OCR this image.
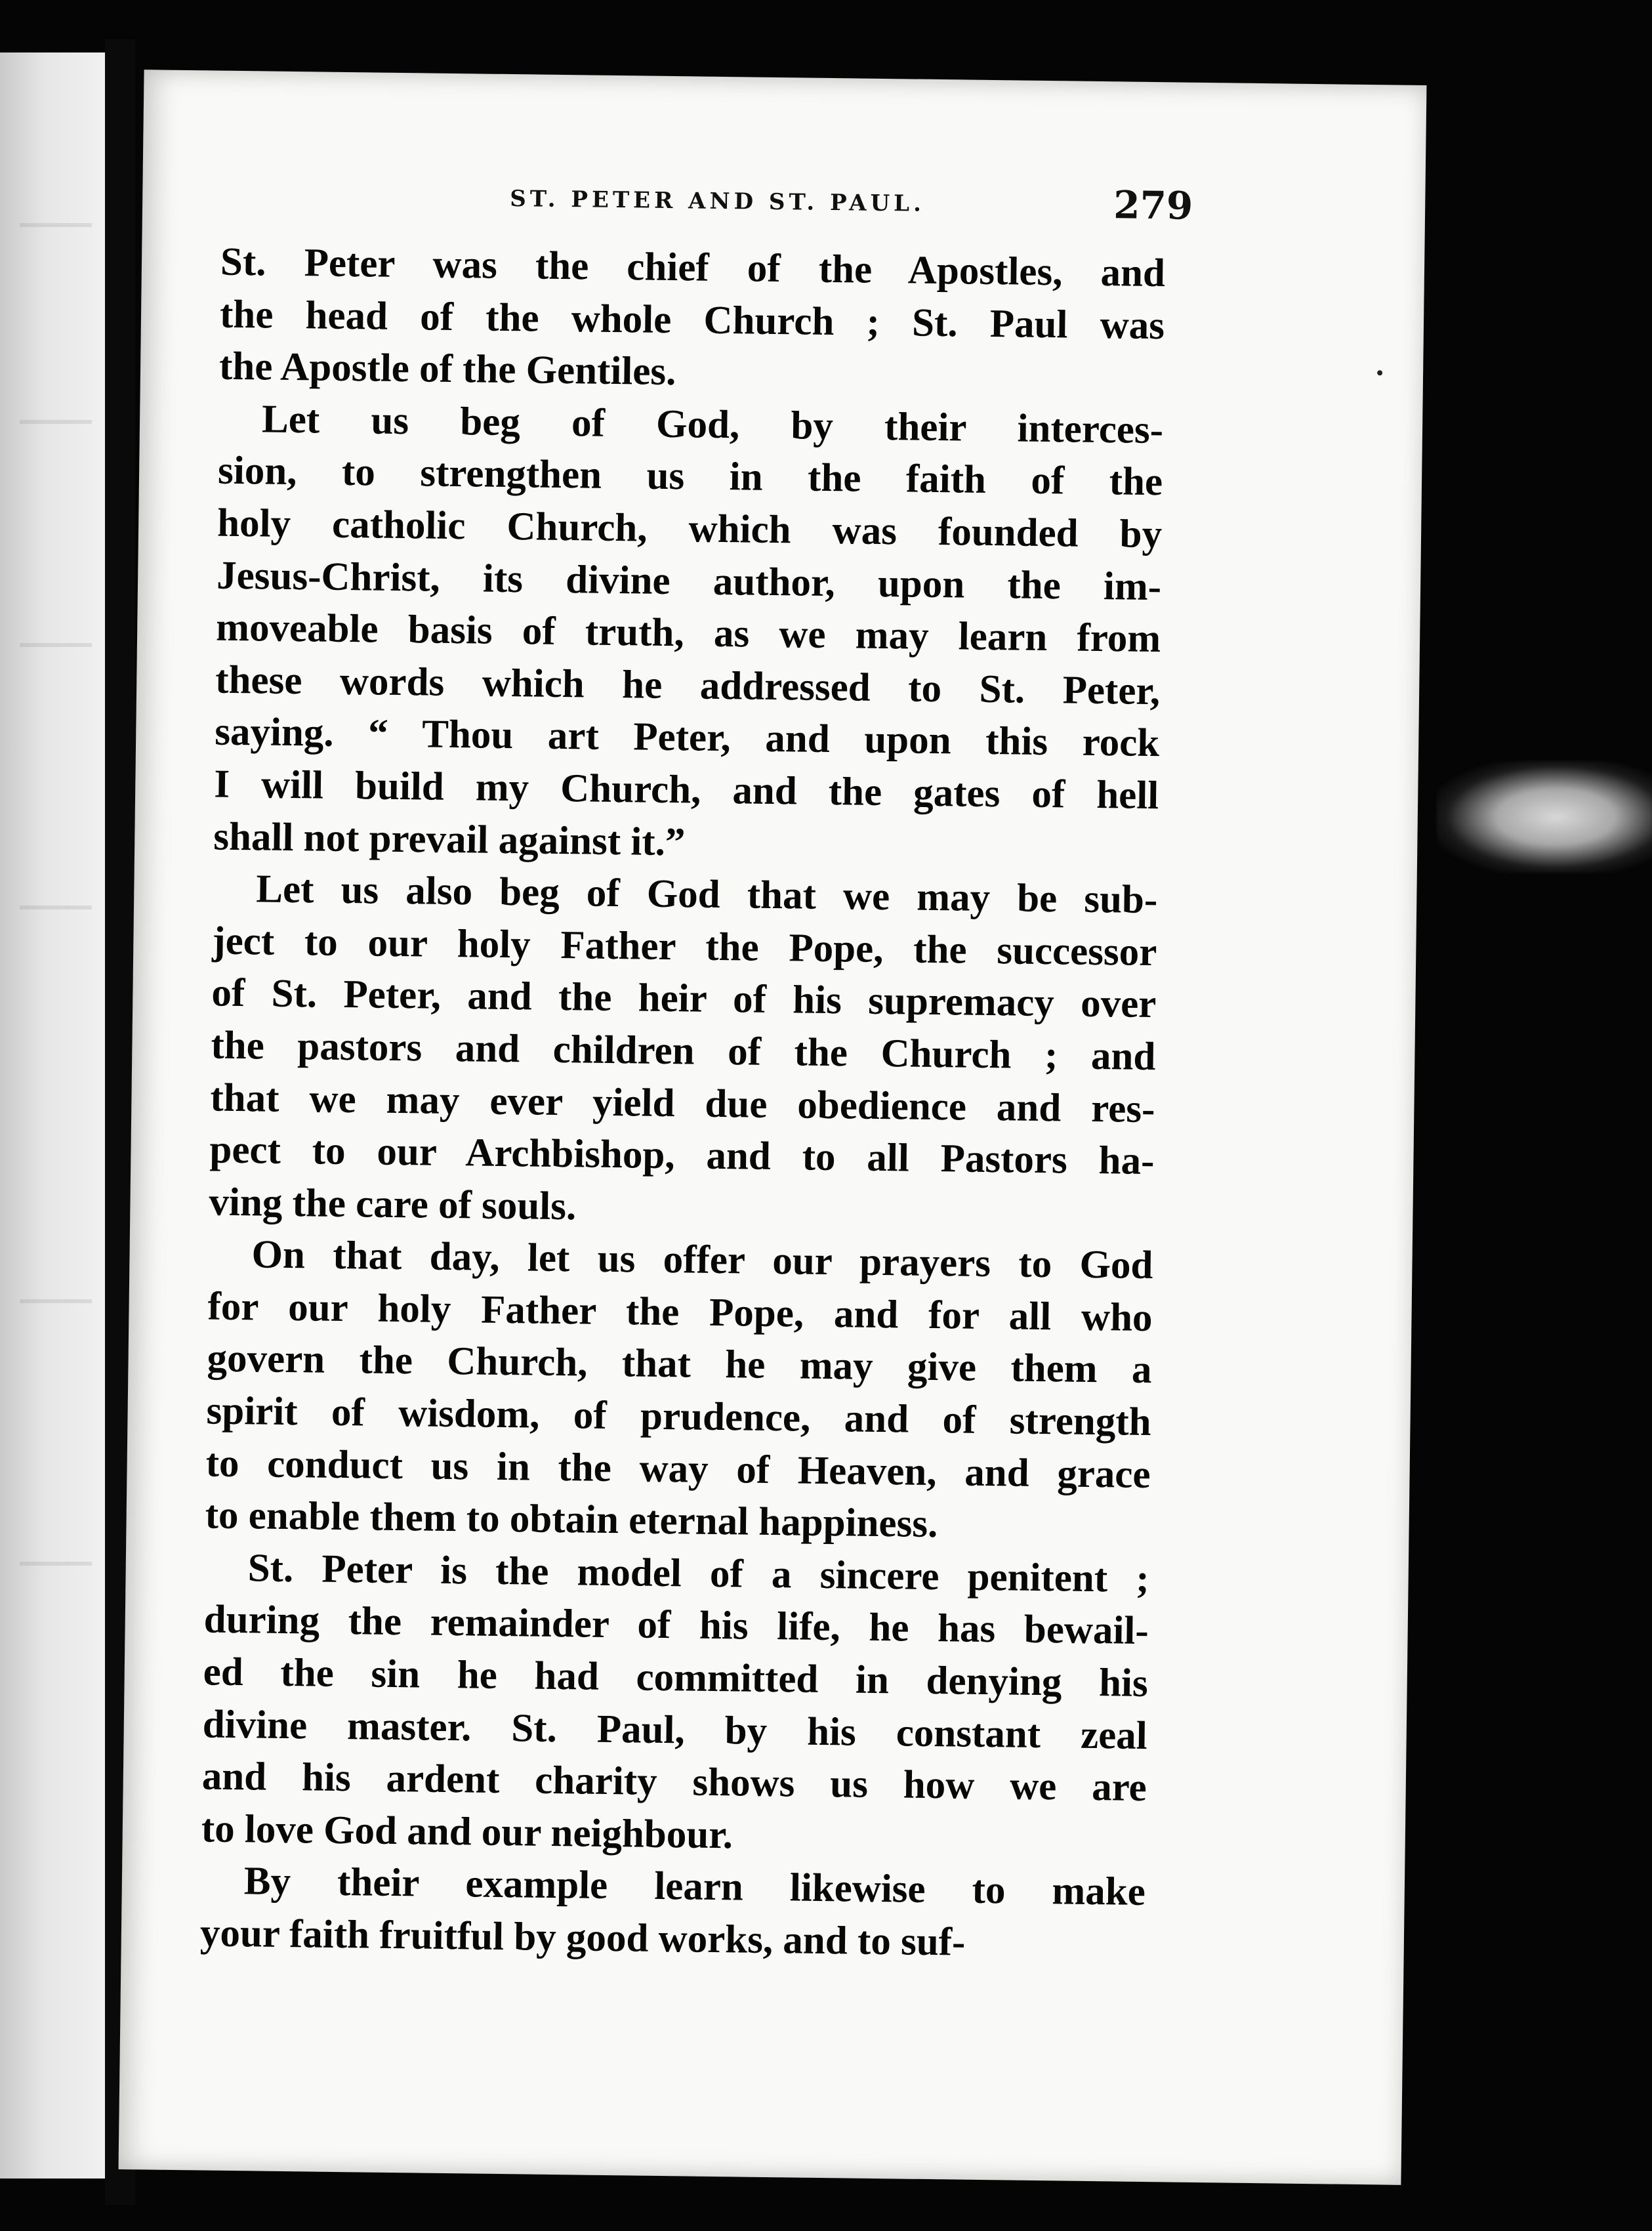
ST. PETER AND ST. PAUL.	279
St. Peter was the chief of the Apostles, and
the head of the whole Church ; St. Paul was
the Apostle of the Gentiles.
Let us beg of God, by their interces-
sion, to strengthen us in the faith of the
holy catholic Church, which was founded by
Jesus-Christ, its divine author, upon the im-
moveable basis of truth, as we may learn from
these words which he addressed to St. Peter,
saying. “ Thou art Peter, and upon this rock
I will build my Church, and the gates of hell
shall not prevail against it.”
Let us also beg of God that we may be sub-
ject to our holy Father the Pope, the successor
of St. Peter, and the heir of his supremacy over
the pastors and children of the Church ; and
that we may ever yield due obedience and res-
pect to our Archbishop, and to all Pastors ha-
ving the care of souls.
On that day, let us offer our prayers to God
for our holy Father the Pope, and for all who
govern the Church, that he may give them a
spirit of wisdom, of prudence, and of strength
to conduct us in the way of Heaven, and grace
to enable them to obtain eternal happiness.
St. Peter is the model of a sincere penitent ;
during the remainder of his life, he has bewail-
ed the sin he had committed in denying his
divine master. St. Paul, by his constant zeal
and his ardent charity shows us how we are
to love God and our neighbour.
By their example learn likewise to make
your faith fruitful by good works, and to suf-
